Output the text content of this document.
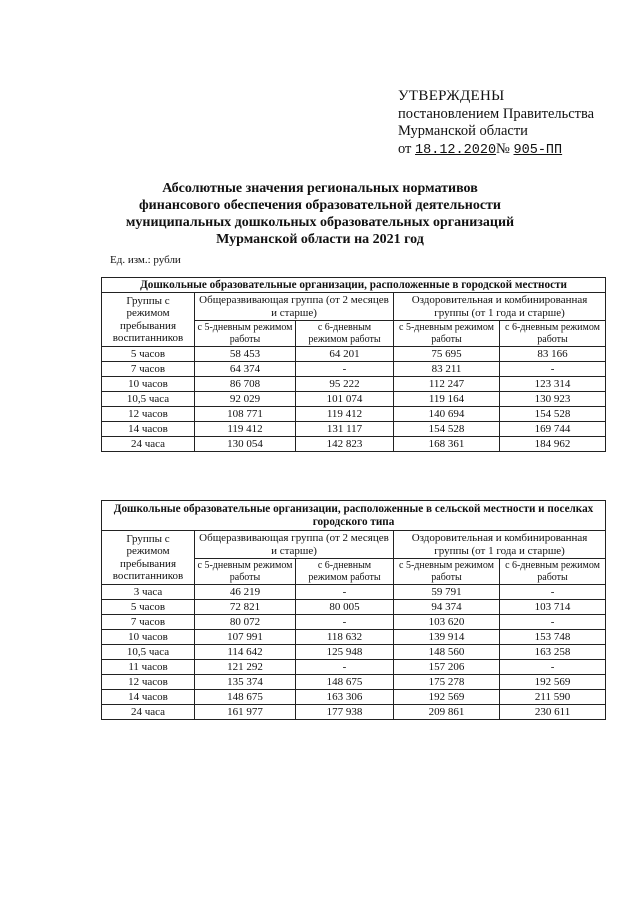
УТВЕРЖДЕНЫ
постановлением Правительства
Мурманской области
от 18.12.2020№ 905-ПП
Абсолютные значения региональных нормативов
финансового обеспечения образовательной деятельности
муниципальных дошкольных образовательных организаций
Мурманской области на 2021 год
Ед. изм.: рубли
Дошкольные образовательные организации, расположенные в городской местности				
Группы с режимом пребывания воспитанников	Общеразвивающая группа (от 2 месяцев и старше)		Оздоровительная и комбинированная группы (от 1 года и старше)	
	с 5-дневным режимом работы	с 6-дневным режимом работы	с 5-дневным режимом работы	с 6-дневным режимом работы
5 часов	58 453	64 201	75 695	83 166
7 часов	64 374	-	83 211	-
10 часов	86 708	95 222	112 247	123 314
10,5 часа	92 029	101 074	119 164	130 923
12 часов	108 771	119 412	140 694	154 528
14 часов	119 412	131 117	154 528	169 744
24 часа	130 054	142 823	168 361	184 962
Дошкольные образовательные организации, расположенные в сельской местности и поселках городского типа				
Группы с режимом пребывания воспитанников	Общеразвивающая группа (от 2 месяцев и старше)		Оздоровительная и комбинированная группы (от 1 года и старше)	
	с 5-дневным режимом работы	с 6-дневным режимом работы	с 5-дневным режимом работы	с 6-дневным режимом работы
3 часа	46 219	-	59 791	-
5 часов	72 821	80 005	94 374	103 714
7 часов	80 072	-	103 620	-
10 часов	107 991	118 632	139 914	153 748
10,5 часа	114 642	125 948	148 560	163 258
11 часов	121 292	-	157 206	-
12 часов	135 374	148 675	175 278	192 569
14 часов	148 675	163 306	192 569	211 590
24 часа	161 977	177 938	209 861	230 611
